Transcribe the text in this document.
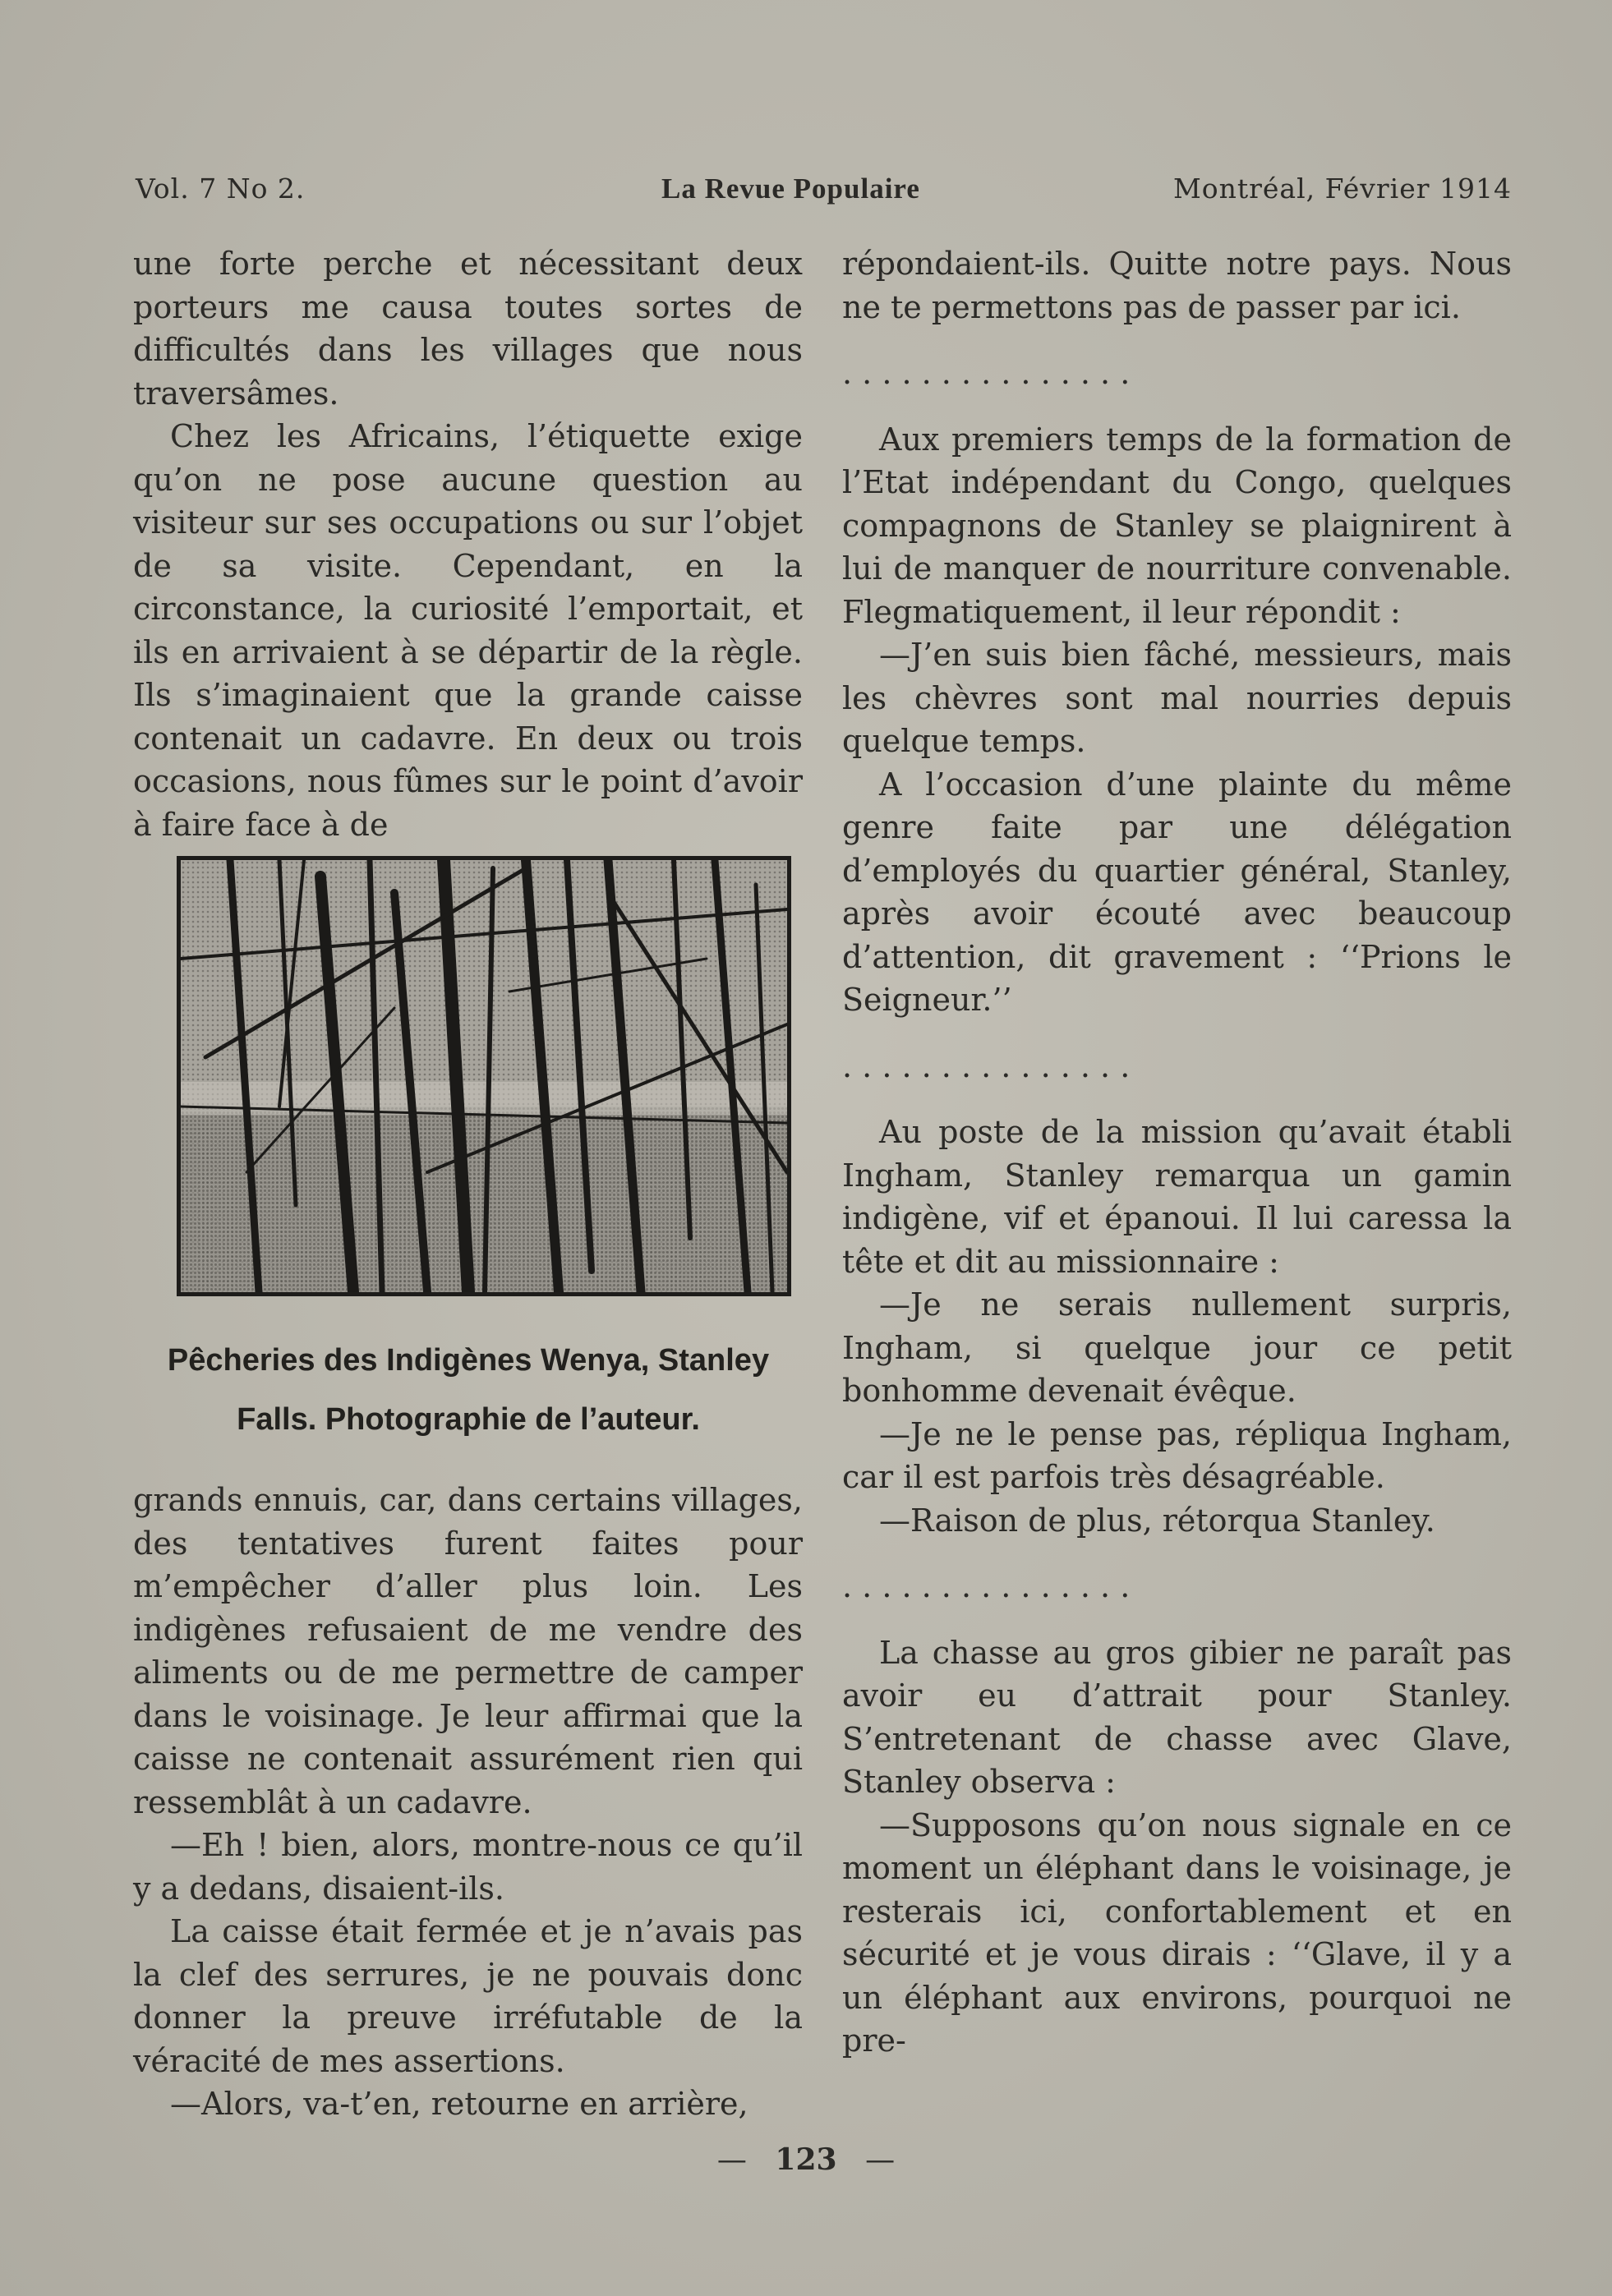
Vol. 7 No 2.	La Revue Populaire	Montréal, Février 1914

une forte perche et nécessitant deux porteurs me causa toutes sortes de difficultés dans les villages que nous traversâmes.

Chez les Africains, l’étiquette exige qu’on ne pose aucune question au visiteur sur ses occupations ou sur l’objet de sa visite. Cependant, en la circonstance, la curiosité l’emportait, et ils en arrivaient à se départir de la règle. Ils s’imaginaient que la grande caisse contenait un cadavre. En deux ou trois occasions, nous fûmes sur le point d’avoir à faire face à de

Pêcheries des Indigènes Wenya, Stanley
Falls. Photographie de l’auteur.

grands ennuis, car, dans certains villages, des tentatives furent faites pour m’empêcher d’aller plus loin. Les indigènes refusaient de me vendre des aliments ou de me permettre de camper dans le voisinage. Je leur affirmai que la caisse ne contenait assurément rien qui ressemblât à un cadavre.

—Eh ! bien, alors, montre-nous ce qu’il y a dedans, disaient-ils.

La caisse était fermée et je n’avais pas la clef des serrures, je ne pouvais donc donner la preuve irréfutable de la véracité de mes assertions.

—Alors, va-t’en, retourne en arrière,

répondaient-ils. Quitte notre pays. Nous ne te permettons pas de passer par ici.

. . . . . . . . . . . . . . .

Aux premiers temps de la formation de l’Etat indépendant du Congo, quelques compagnons de Stanley se plaignirent à lui de manquer de nourriture convenable. Flegmatiquement, il leur répondit :

—J’en suis bien fâché, messieurs, mais les chèvres sont mal nourries depuis quelque temps.

A l’occasion d’une plainte du même genre faite par une délégation d’employés du quartier général, Stanley, après avoir écouté avec beaucoup d’attention, dit gravement : ‘‘Prions le Seigneur.’’

. . . . . . . . . . . . . . .

Au poste de la mission qu’avait établi Ingham, Stanley remarqua un gamin indigène, vif et épanoui. Il lui caressa la tête et dit au missionnaire :

—Je ne serais nullement surpris, Ingham, si quelque jour ce petit bonhomme devenait évêque.

—Je ne le pense pas, répliqua Ingham, car il est parfois très désagréable.

—Raison de plus, rétorqua Stanley.

. . . . . . . . . . . . . . .

La chasse au gros gibier ne paraît pas avoir eu d’attrait pour Stanley. S’entretenant de chasse avec Glave, Stanley observa :

—Supposons qu’on nous signale en ce moment un éléphant dans le voisinage, je resterais ici, confortablement et en sécurité et je vous dirais : ‘‘Glave, il y a un éléphant aux environs, pourquoi ne pre-

— 123 —
